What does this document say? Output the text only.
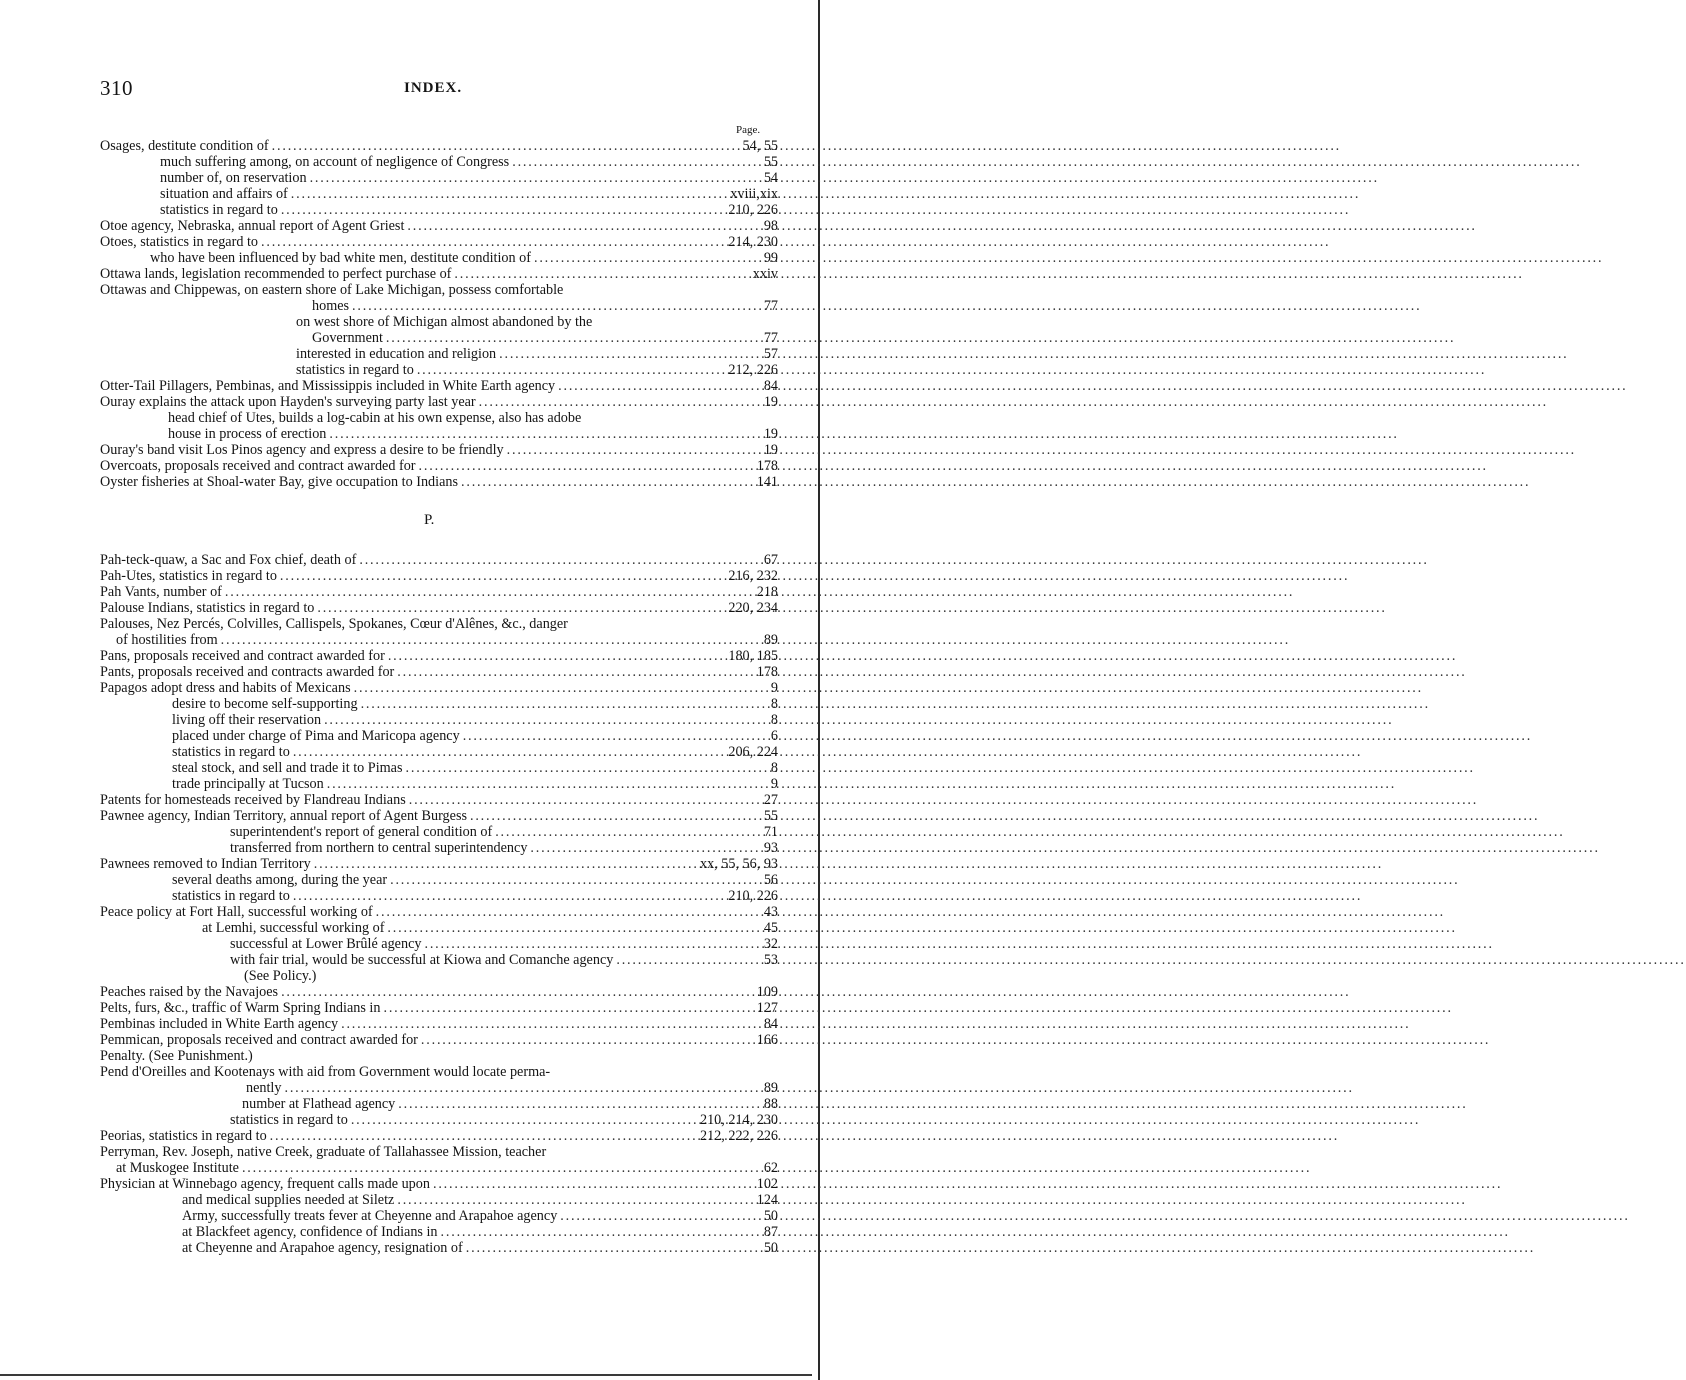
310	INDEX.
Page.
P.
Osages, destitute condition of .....	54, 55
much suffering among, on account of negligence of Congress .....	55
number of, on reservation .....	54
situation and affairs of .....	xviii,xix
statistics in regard to .....	210, 226
Otoe agency, Nebraska, annual report of Agent Griest .....	98
Otoes, statistics in regard to .....	214, 230
who have been influenced by bad white men, destitute condition of .....	99
Ottawa lands, legislation recommended to perfect purchase of .....	xxiv
Ottawas and Chippewas, on eastern shore of Lake Michigan, possess comfortable
homes .....	77
on west shore of Michigan almost abandoned by the
Government .....	77
interested in education and religion .....	57
statistics in regard to .....	212, 226
Otter-Tail Pillagers, Pembinas, and Mississippis included in White Earth agency .....	84
Ouray explains the attack upon Hayden's surveying party last year .....	19
head chief of Utes, builds a log-cabin at his own expense, also has adobe
house in process of erection .....	19
Ouray's band visit Los Pinos agency and express a desire to be friendly .....	19
Overcoats, proposals received and contract awarded for .....	178
Oyster fisheries at Shoal-water Bay, give occupation to Indians .....	141
Pah-teck-quaw, a Sac and Fox chief, death of .....	67
Pah-Utes, statistics in regard to .....	216, 232
Pah Vants, number of .....	218
Palouse Indians, statistics in regard to .....	220, 234
Palouses, Nez Percés, Colvilles, Callispels, Spokanes, Cœur d'Alênes, &c., danger
of hostilities from .....	89
Pans, proposals received and contract awarded for .....	180, 185
Pants, proposals received and contracts awarded for .....	178
Papagos adopt dress and habits of Mexicans .....	9
desire to become self-supporting .....	8
living off their reservation .....	8
placed under charge of Pima and Maricopa agency .....	6
statistics in regard to .....	206, 224
steal stock, and sell and trade it to Pimas .....	8
trade principally at Tucson .....	9
Patents for homesteads received by Flandreau Indians .....	27
Pawnee agency, Indian Territory, annual report of Agent Burgess .....	55
superintendent's report of general condition of .....	71
transferred from northern to central superintendency .....	93
Pawnees removed to Indian Territory .....	xx, 55, 56, 93
several deaths among, during the year .....	56
statistics in regard to .....	210, 226
Peace policy at Fort Hall, successful working of .....	43
at Lemhi, successful working of .....	45
successful at Lower Brûlé agency .....	32
with fair trial, would be successful at Kiowa and Comanche agency .....	53
(See Policy.)
Peaches raised by the Navajoes .....	109
Pelts, furs, &c., traffic of Warm Spring Indians in .....	127
Pembinas included in White Earth agency .....	84
Pemmican, proposals received and contract awarded for .....	166
Penalty. (See Punishment.)
Pend d'Oreilles and Kootenays with aid from Government would locate perma-
nently .....	89
number at Flathead agency .....	88
statistics in regard to .....	210, 214, 230
Peorias, statistics in regard to .....	212, 222, 226
Perryman, Rev. Joseph, native Creek, graduate of Tallahassee Mission, teacher
at Muskogee Institute .....	62
Physician at Winnebago agency, frequent calls made upon .....	102
and medical supplies needed at Siletz .....	124
Army, successfully treats fever at Cheyenne and Arapahoe agency .....	50
at Blackfeet agency, confidence of Indians in .....	87
at Cheyenne and Arapahoe agency, resignation of .....	50
